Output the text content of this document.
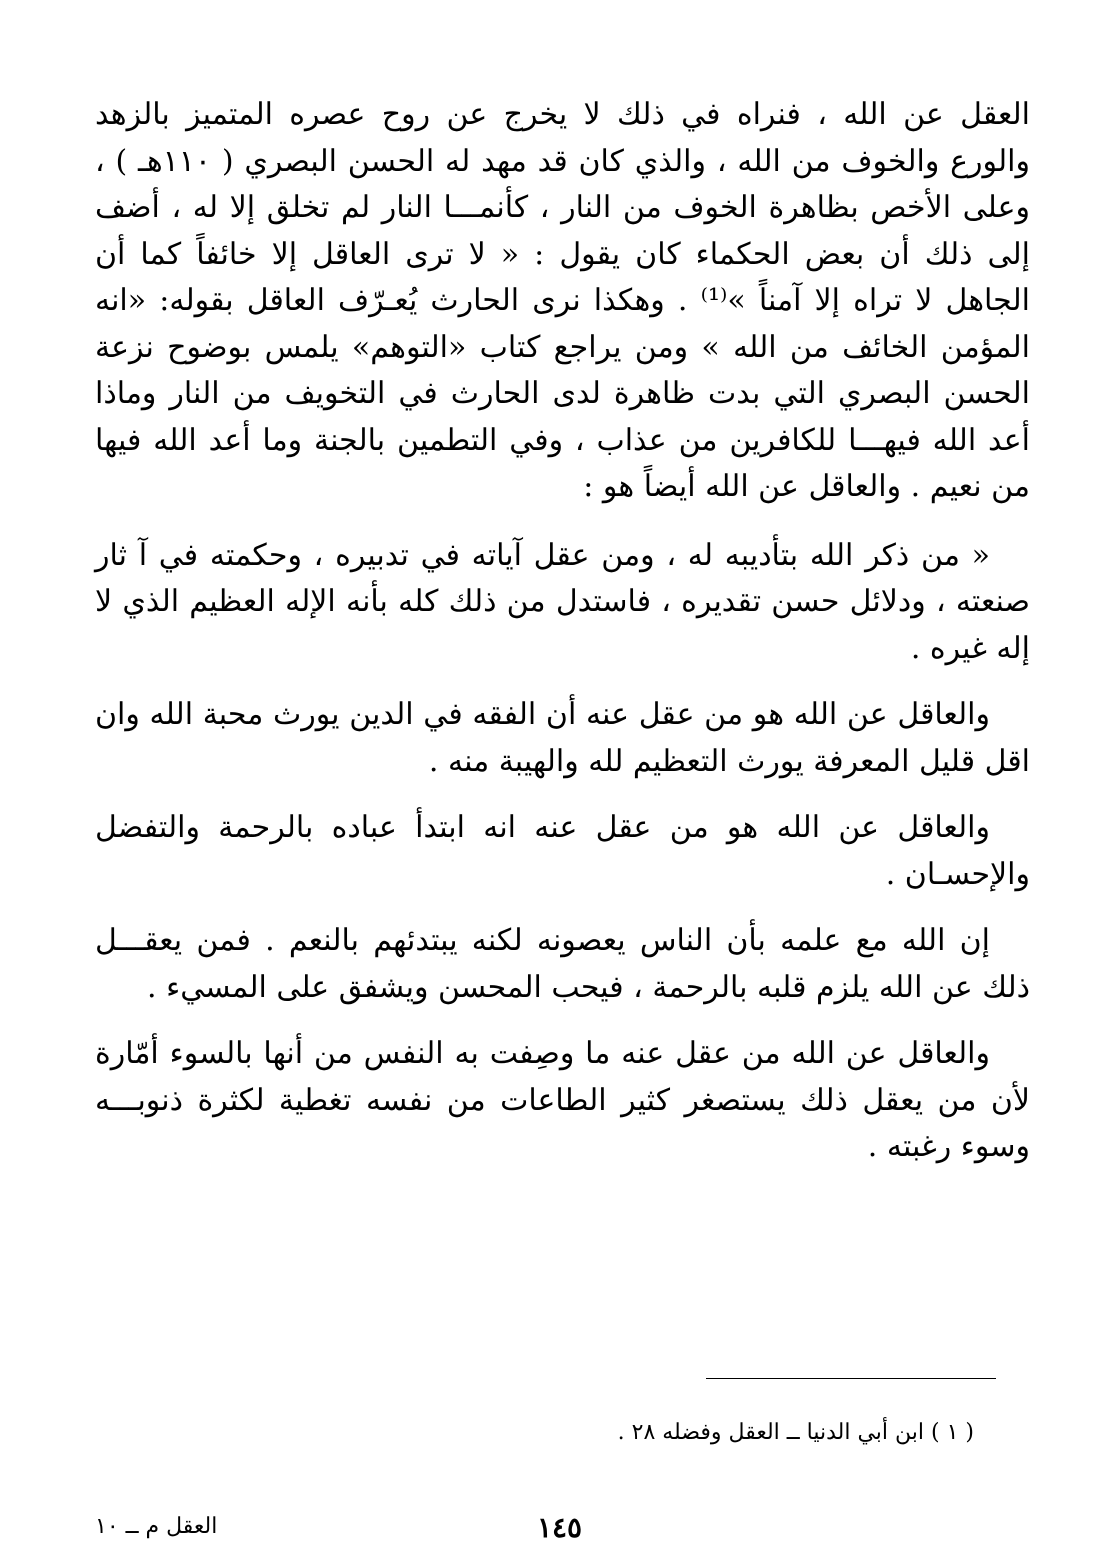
العقل عن الله ، فنراه في ذلك لا يخرج عن روح عصره المتميز بالزهد والورع والخوف من الله ، والذي كان قد مهد له الحسن البصري ( ١١٠هـ ) ، وعلى الأخص بظاهرة الخوف من النار ، كأنمـــا النار لم تخلق إلا له ، أضف إلى ذلك أن بعض الحكماء كان يقول : « لا ترى العاقل إلا خائفاً كما أن الجاهل لا تراه إلا آمناً »⁽¹⁾ . وهكذا نرى الحارث يُعـرّف العاقل بقوله: «انه المؤمن الخائف من الله » ومن يراجع كتاب «التوهم» يلمس بوضوح نزعة الحسن البصري التي بدت ظاهرة لدى الحارث في التخويف من النار وماذا أعد الله فيهـــا للكافرين من عذاب ، وفي التطمين بالجنة وما أعد الله فيها من نعيم . والعاقل عن الله أيضاً هو :

« من ذكر الله بتأديبه له ، ومن عقل آياته في تدبيره ، وحكمته في آ ثار صنعته ، ودلائل حسن تقديره ، فاستدل من ذلك كله بأنه الإله العظيم الذي لا إله غيره .

والعاقل عن الله هو من عقل عنه أن الفقه في الدين يورث محبة الله وان اقل قليل المعرفة يورث التعظيم لله والهيبة منه .

والعاقل عن الله هو من عقل عنه انه ابتدأ عباده بالرحمة والتفضل والإحسـان .

إن الله مع علمه بأن الناس يعصونه لكنه يبتدئهم بالنعم . فمن يعقـــل ذلك عن الله يلزم قلبه بالرحمة ، فيحب المحسن ويشفق على المسيء .

والعاقل عن الله من عقل عنه ما وصِفت به النفس من أنها بالسوء أمّارة لأن من يعقل ذلك يستصغر كثير الطاعات من نفسه تغطية لكثرة ذنوبـــه وسوء رغبته .

( ١ ) ابن أبي الدنيا ــ العقل وفضله ٢٨ .
١٤٥
العقل م ــ ١٠
